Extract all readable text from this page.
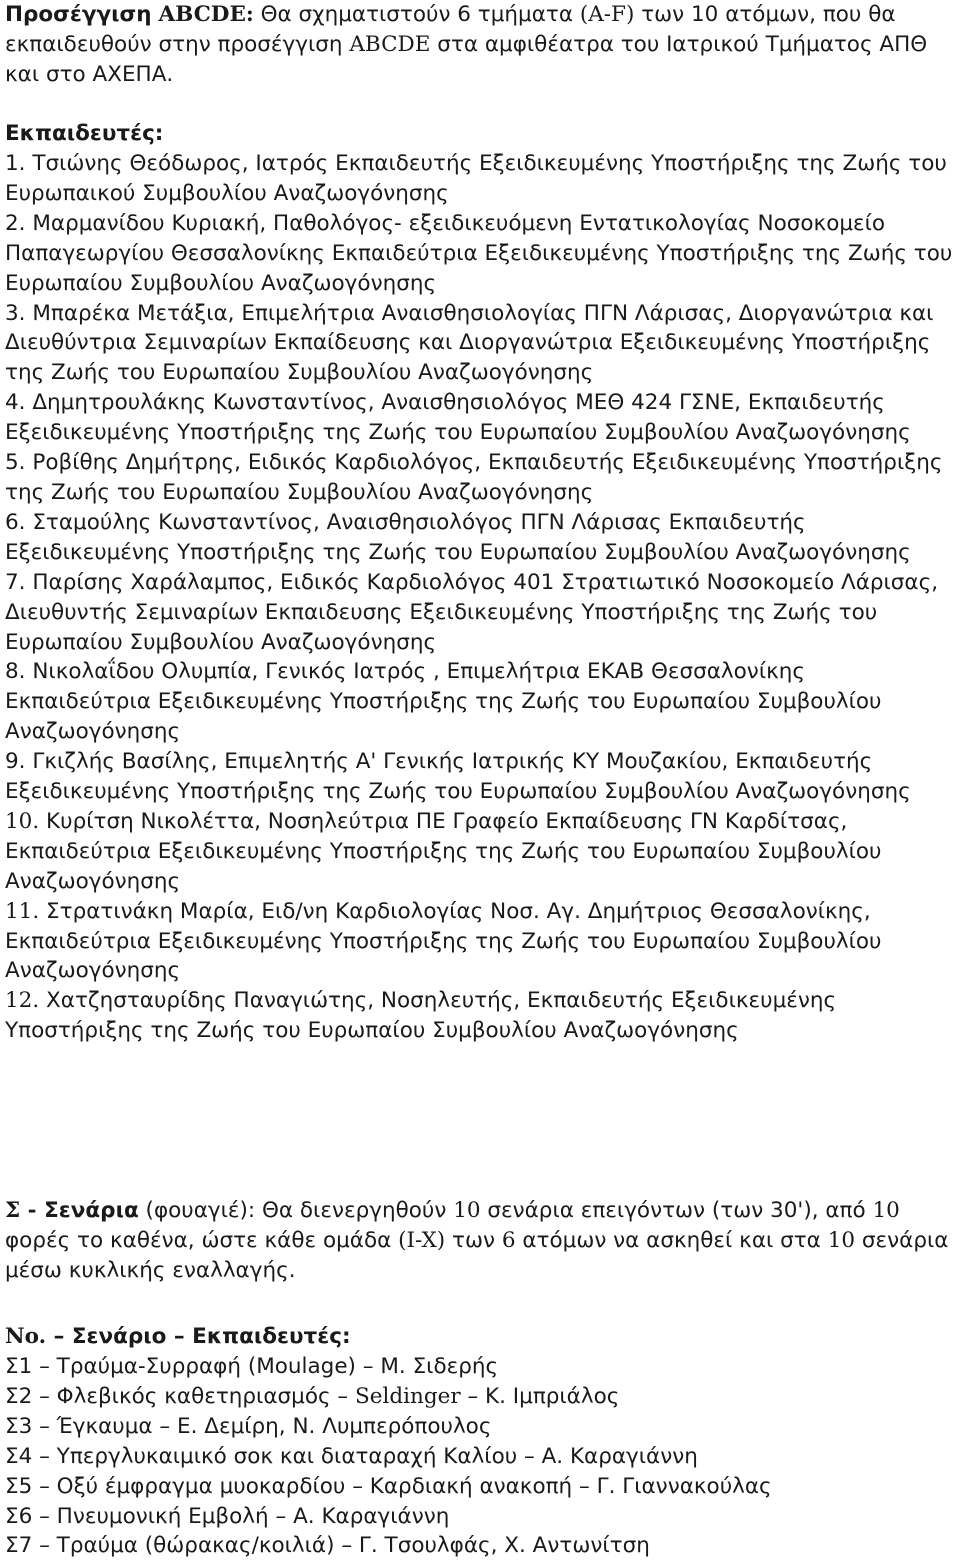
Προσέγγιση ABCDE: Θα σχηματιστούν 6 τμήματα (A-F) των 10 ατόμων, που θα εκπαιδευθούν στην προσέγγιση ABCDE στα αμφιθέατρα του Ιατρικού Τμήματος ΑΠΘ και στο ΑΧΕΠΑ.

Εκπαιδευτές:

1. Τσιώνης Θεόδωρος, Ιατρός Εκπαιδευτής Εξειδικευμένης Υποστήριξης της Ζωής του Ευρωπαικού Συμβουλίου Αναζωογόνησης

2. Μαρμανίδου Κυριακή, Παθολόγος- εξειδικευόμενη Εντατικολογίας Νοσοκομείο Παπαγεωργίου Θεσσαλονίκης Εκπαιδεύτρια Εξειδικευμένης Υποστήριξης της Ζωής του Ευρωπαίου Συμβουλίου Αναζωογόνησης

3. Μπαρέκα Μετάξια, Επιμελήτρια Αναισθησιολογίας ΠΓΝ Λάρισας, Διοργανώτρια και Διευθύντρια Σεμιναρίων Εκπαίδευσης και Διοργανώτρια Εξειδικευμένης Υποστήριξης της Ζωής του Ευρωπαίου Συμβουλίου Αναζωογόνησης

4. Δημητρουλάκης Κωνσταντίνος, Αναισθησιολόγος ΜΕΘ 424 ΓΣΝΕ, Εκπαιδευτής Εξειδικευμένης Υποστήριξης της Ζωής του Ευρωπαίου Συμβουλίου Αναζωογόνησης

5. Ροβίθης Δημήτρης, Ειδικός Καρδιολόγος, Εκπαιδευτής Εξειδικευμένης Υποστήριξης της Ζωής του Ευρωπαίου Συμβουλίου Αναζωογόνησης

6. Σταμούλης Κωνσταντίνος, Αναισθησιολόγος ΠΓΝ Λάρισας Εκπαιδευτής Εξειδικευμένης Υποστήριξης της Ζωής του Ευρωπαίου Συμβουλίου Αναζωογόνησης

7. Παρίσης Χαράλαμπος, Ειδικός Καρδιολόγος 401 Στρατιωτικό Νοσοκομείο Λάρισας, Διευθυντής Σεμιναρίων Εκπαιδευσης Εξειδικευμένης Υποστήριξης της Ζωής του Ευρωπαίου Συμβουλίου Αναζωογόνησης

8. Νικολαΐδου Ολυμπία, Γενικός Ιατρός , Επιμελήτρια ΕΚΑΒ Θεσσαλονίκης Εκπαιδεύτρια Εξειδικευμένης Υποστήριξης της Ζωής του Ευρωπαίου Συμβουλίου Αναζωογόνησης

9. Γκιζλής Βασίλης, Επιμελητής Α' Γενικής Ιατρικής ΚΥ Μουζακίου, Εκπαιδευτής Εξειδικευμένης Υποστήριξης της Ζωής του Ευρωπαίου Συμβουλίου Αναζωογόνησης

10. Κυρίτση Νικολέττα, Νοσηλεύτρια ΠΕ Γραφείο Εκπαίδευσης ΓΝ Καρδίτσας, Εκπαιδεύτρια Εξειδικευμένης Υποστήριξης της Ζωής του Ευρωπαίου Συμβουλίου Αναζωογόνησης

11. Στρατινάκη Μαρία, Ειδ/νη Καρδιολογίας Νοσ. Αγ. Δημήτριος Θεσσαλονίκης, Εκπαιδεύτρια Εξειδικευμένης Υποστήριξης της Ζωής του Ευρωπαίου Συμβουλίου Αναζωογόνησης

12. Χατζησταυρίδης Παναγιώτης, Νοσηλευτής, Εκπαιδευτής Εξειδικευμένης Υποστήριξης της Ζωής του Ευρωπαίου Συμβουλίου Αναζωογόνησης

Σ - Σενάρια (φουαγιέ): Θα διενεργηθούν 10 σενάρια επειγόντων (των 30'), από 10 φορές το καθένα, ώστε κάθε ομάδα (I-X) των 6 ατόμων να ασκηθεί και στα 10 σενάρια μέσω κυκλικής εναλλαγής.

No. – Σενάριο – Εκπαιδευτές:

Σ1 – Τραύμα-Συρραφή (Moulage) – Μ. Σιδερής

Σ2 – Φλεβικός καθετηριασμός – Seldinger – Κ. Ιμπριάλος

Σ3 – Έγκαυμα – Ε. Δεμίρη, Ν. Λυμπερόπουλος

Σ4 – Υπεργλυκαιμικό σοκ και διαταραχή Καλίου – Α. Καραγιάννη

Σ5 – Οξύ έμφραγμα μυοκαρδίου – Καρδιακή ανακοπή – Γ. Γιαννακούλας

Σ6 – Πνευμονική Εμβολή – Α. Καραγιάννη

Σ7 – Τραύμα (θώρακας/κοιλιά) – Γ. Τσουλφάς, Χ. Αντωνίτση
